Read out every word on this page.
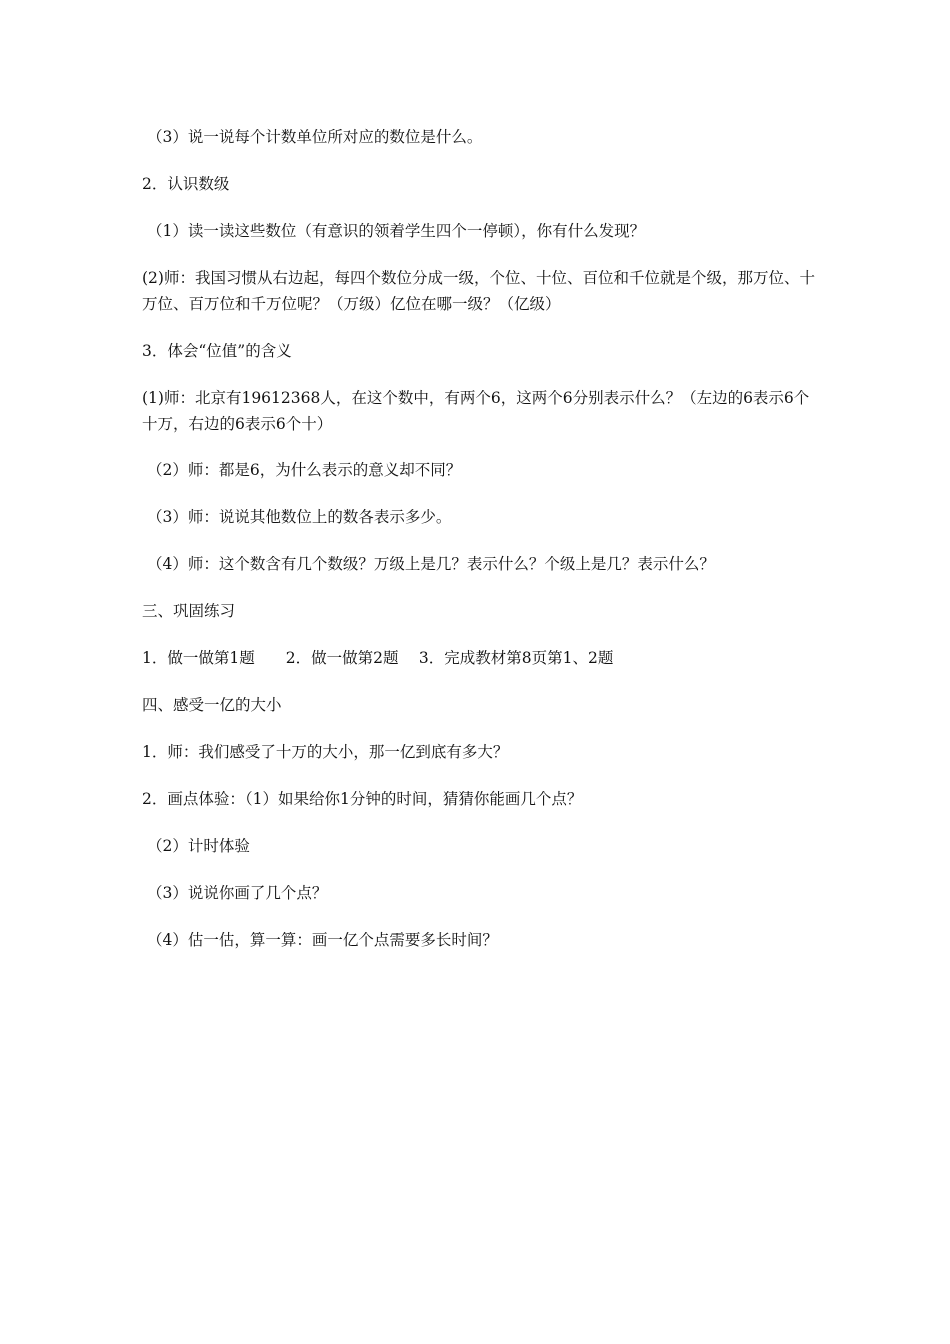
（3）说一说每个计数单位所对应的数位是什么。

2．认识数级

（1）读一读这些数位（有意识的领着学生四个一停顿），你有什么发现？

(2)师：我国习惯从右边起，每四个数位分成一级，个位、十位、百位和千位就是个级，那万位、十万位、百万位和千万位呢？（万级）亿位在哪一级？（亿级）

3．体会“位值”的含义

(1)师：北京有19612368人，在这个数中，有两个6，这两个6分别表示什么？（左边的6表示6个十万，右边的6表示6个十）

（2）师：都是6，为什么表示的意义却不同？

（3）师：说说其他数位上的数各表示多少。

（4）师：这个数含有几个数级？万级上是几？表示什么？个级上是几？表示什么？

三、巩固练习

1．做一做第1题　　2．做一做第2题　 3．完成教材第8页第1、2题

四、感受一亿的大小

1．师：我们感受了十万的大小，那一亿到底有多大？

2．画点体验：（1）如果给你1分钟的时间，猜猜你能画几个点？

（2）计时体验

（3）说说你画了几个点？

（4）估一估，算一算：画一亿个点需要多长时间？
